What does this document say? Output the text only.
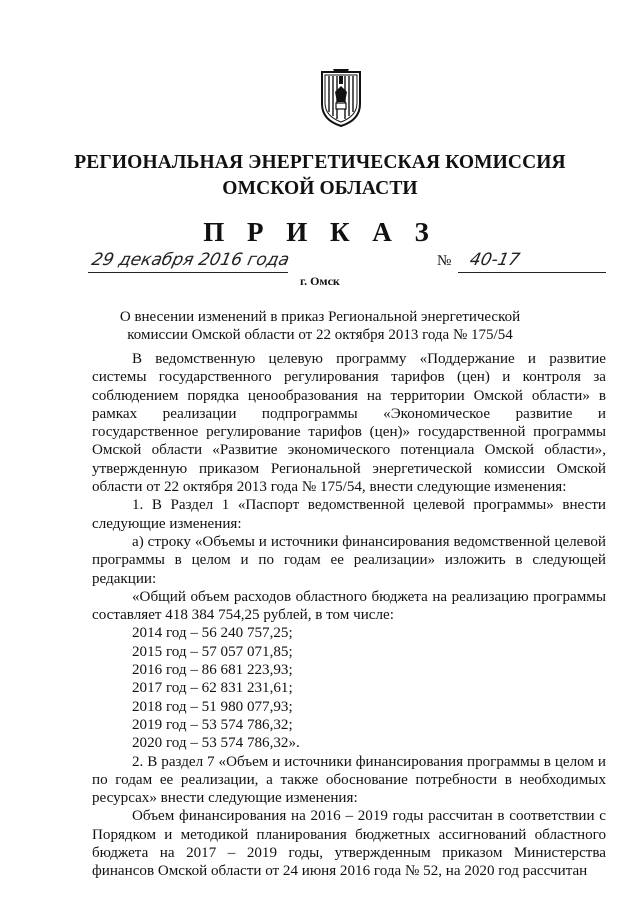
РЕГИОНАЛЬНАЯ ЭНЕРГЕТИЧЕСКАЯ КОМИССИЯ
ОМСКОЙ ОБЛАСТИ
П Р И К А З
29 декабря 2016 года
г. Омск
№ 40-17
О внесении изменений в приказ Региональной энергетической
комиссии Омской области от 22 октября 2013 года № 175/54

В ведомственную целевую программу «Поддержание и развитие системы государственного регулирования тарифов (цен) и контроля за соблюдением порядка ценообразования на территории Омской области» в рамках реализации подпрограммы «Экономическое развитие и государственное регулирование тарифов (цен)» государственной программы Омской области «Развитие экономического потенциала Омской области», утвержденную приказом Региональной энергетической комиссии Омской области от 22 октября 2013 года № 175/54, внести следующие изменения:

1. В Раздел 1 «Паспорт ведомственной целевой программы» внести следующие изменения:

а) строку «Объемы и источники финансирования ведомственной целевой программы в целом и по годам ее реализации» изложить в следующей редакции:

«Общий объем расходов областного бюджета на реализацию программы составляет 418 384 754,25 рублей, в том числе:

2014 год – 56 240 757,25;

2015 год – 57 057 071,85;

2016 год – 86 681 223,93;

2017 год – 62 831 231,61;

2018 год – 51 980 077,93;

2019 год – 53 574 786,32;

2020 год – 53 574 786,32».

2. В раздел 7 «Объем и источники финансирования программы в целом и по годам ее реализации, а также обоснование потребности в необходимых ресурсах» внести следующие изменения:

Объем финансирования на 2016 – 2019 годы рассчитан в соответствии с Порядком и методикой планирования бюджетных ассигнований областного бюджета на 2017 – 2019 годы, утвержденным приказом Министерства финансов Омской области от 24 июня 2016 года № 52, на 2020 год рассчитан
